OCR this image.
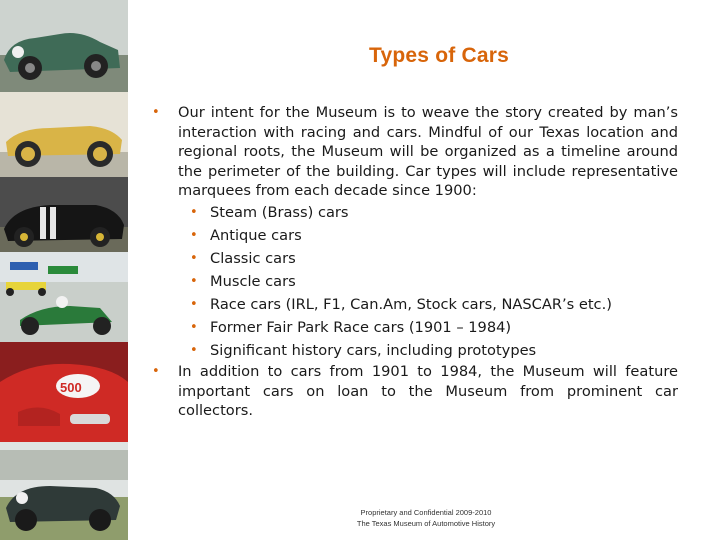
500
Types of Cars
• Our intent for the Museum is to weave the story created by man’s interaction with racing and cars. Mindful of our Texas location and regional roots, the Museum will be organized as a timeline around the perimeter of the building. Car types will include representative marquees from each decade since 1900:
• Steam (Brass) cars
• Antique cars
• Classic cars
• Muscle cars
• Race cars (IRL, F1, Can.Am, Stock cars, NASCAR’s etc.)
• Former Fair Park Race cars (1901 – 1984)
• Significant history cars, including prototypes
• In addition to cars from 1901 to 1984, the Museum will feature important cars on loan to the Museum from prominent car collectors.
Proprietary and Confidential 2009-2010
The Texas Museum of Automotive History
